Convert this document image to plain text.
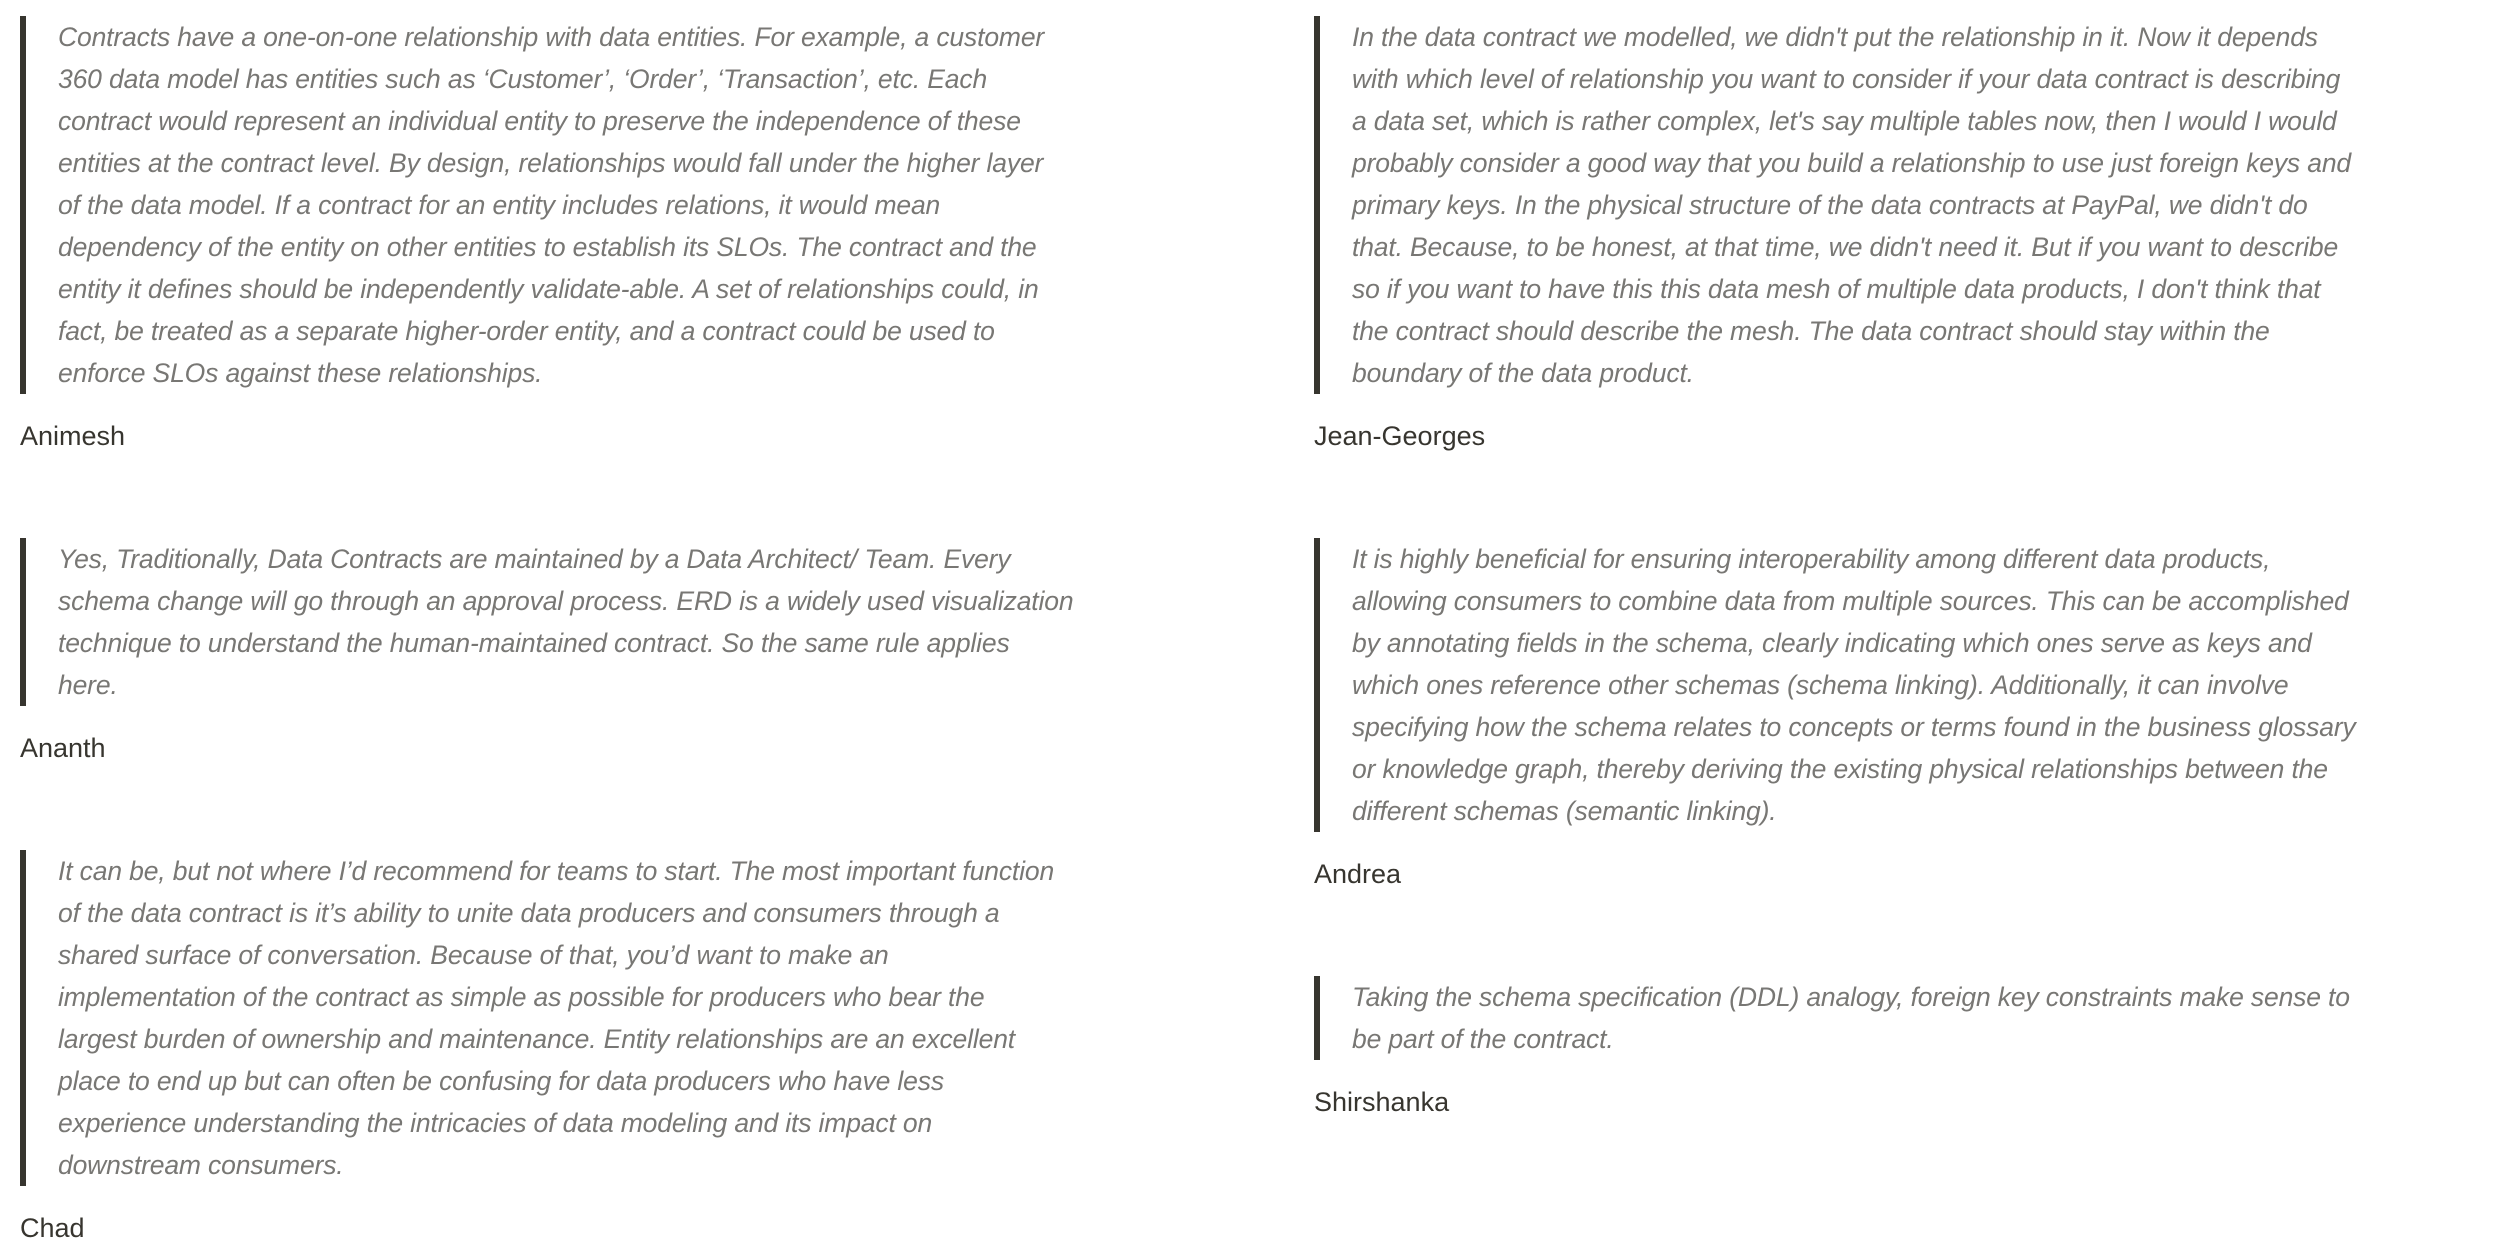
Contracts have a one-on-one relationship with data entities. For example, a customer
360 data model has entities such as ‘Customer’, ‘Order’, ‘Transaction’, etc. Each
contract would represent an individual entity to preserve the independence of these
entities at the contract level. By design, relationships would fall under the higher layer
of the data model. If a contract for an entity includes relations, it would mean
dependency of the entity on other entities to establish its SLOs. The contract and the
entity it defines should be independently validate-able. A set of relationships could, in
fact, be treated as a separate higher-order entity, and a contract could be used to
enforce SLOs against these relationships.
Animesh
Yes, Traditionally, Data Contracts are maintained by a Data Architect/ Team. Every
schema change will go through an approval process. ERD is a widely used visualization
technique to understand the human-maintained contract. So the same rule applies
here.
Ananth
It can be, but not where I’d recommend for teams to start. The most important function
of the data contract is it’s ability to unite data producers and consumers through a
shared surface of conversation. Because of that, you’d want to make an
implementation of the contract as simple as possible for producers who bear the
largest burden of ownership and maintenance. Entity relationships are an excellent
place to end up but can often be confusing for data producers who have less
experience understanding the intricacies of data modeling and its impact on
downstream consumers.
Chad
In the data contract we modelled, we didn't put the relationship in it. Now it depends
with which level of relationship you want to consider if your data contract is describing
a data set, which is rather complex, let's say multiple tables now, then I would I would
probably consider a good way that you build a relationship to use just foreign keys and
primary keys. In the physical structure of the data contracts at PayPal, we didn't do
that. Because, to be honest, at that time, we didn't need it. But if you want to describe
so if you want to have this this data mesh of multiple data products, I don't think that
the contract should describe the mesh. The data contract should stay within the
boundary of the data product.
Jean-Georges
It is highly beneficial for ensuring interoperability among different data products,
allowing consumers to combine data from multiple sources. This can be accomplished
by annotating fields in the schema, clearly indicating which ones serve as keys and
which ones reference other schemas (schema linking). Additionally, it can involve
specifying how the schema relates to concepts or terms found in the business glossary
or knowledge graph, thereby deriving the existing physical relationships between the
different schemas (semantic linking).
Andrea
Taking the schema specification (DDL) analogy, foreign key constraints make sense to
be part of the contract.
Shirshanka
